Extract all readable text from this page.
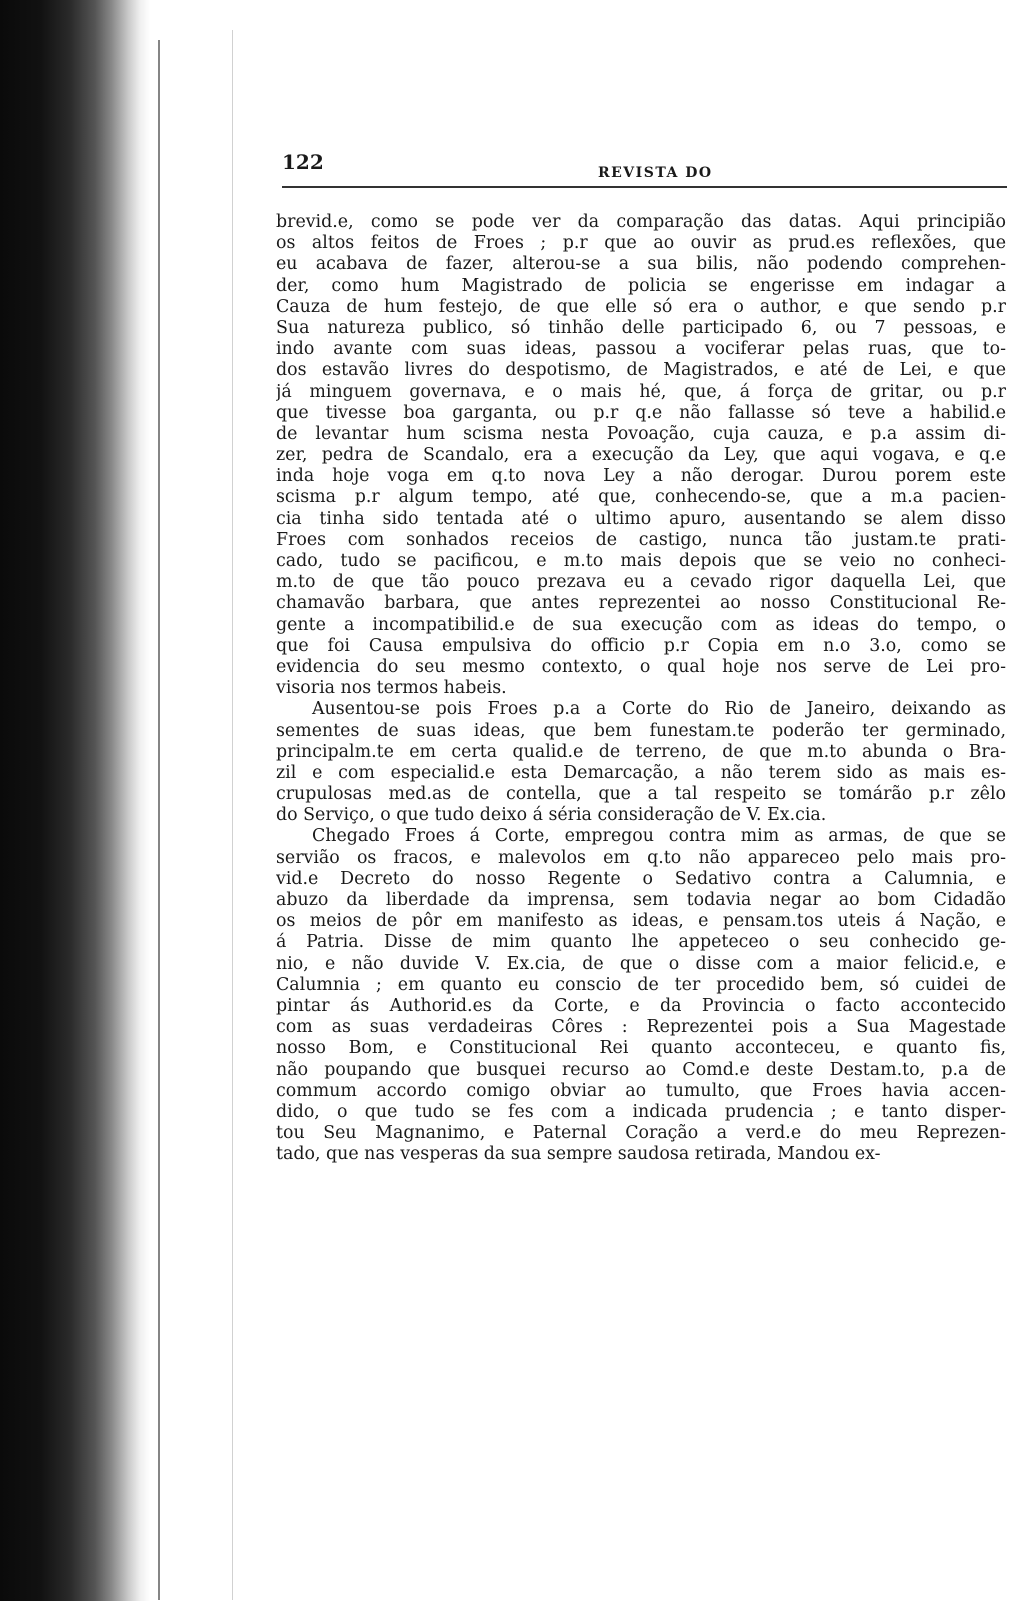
122	REVISTA DO
brevid.e, como se pode ver da comparação das datas. Aqui principião
os altos feitos de Froes ; p.r que ao ouvir as prud.es reflexões, que
eu acabava de fazer, alterou-se a sua bilis, não podendo comprehen-
der, como hum Magistrado de policia se engerisse em indagar a
Cauza de hum festejo, de que elle só era o author, e que sendo p.r
Sua natureza publico, só tinhão delle participado 6, ou 7 pessoas, e
indo avante com suas ideas, passou a vociferar pelas ruas, que to-
dos estavão livres do despotismo, de Magistrados, e até de Lei, e que
já minguem governava, e o mais hé, que, á força de gritar, ou p.r
que tivesse boa garganta, ou p.r q.e não fallasse só teve a habilid.e
de levantar hum scisma nesta Povoação, cuja cauza, e p.a assim di-
zer, pedra de Scandalo, era a execução da Ley, que aqui vogava, e q.e
inda hoje voga em q.to nova Ley a não derogar. Durou porem este
scisma p.r algum tempo, até que, conhecendo-se, que a m.a pacien-
cia tinha sido tentada até o ultimo apuro, ausentando se alem disso
Froes com sonhados receios de castigo, nunca tão justam.te prati-
cado, tudo se pacificou, e m.to mais depois que se veio no conheci-
m.to de que tão pouco prezava eu a cevado rigor daquella Lei, que
chamavão barbara, que antes reprezentei ao nosso Constitucional Re-
gente a incompatibilid.e de sua execução com as ideas do tempo, o
que foi Causa empulsiva do officio p.r Copia em n.o 3.o, como se
evidencia do seu mesmo contexto, o qual hoje nos serve de Lei pro-
visoria nos termos habeis.
Ausentou-se pois Froes p.a a Corte do Rio de Janeiro, deixando as
sementes de suas ideas, que bem funestam.te poderão ter germinado,
principalm.te em certa qualid.e de terreno, de que m.to abunda o Bra-
zil e com especialid.e esta Demarcação, a não terem sido as mais es-
crupulosas med.as de contella, que a tal respeito se tomárão p.r zêlo
do Serviço, o que tudo deixo á séria consideração de V. Ex.cia.
Chegado Froes á Corte, empregou contra mim as armas, de que se
servião os fracos, e malevolos em q.to não appareceo pelo mais pro-
vid.e Decreto do nosso Regente o Sedativo contra a Calumnia, e
abuzo da liberdade da imprensa, sem todavia negar ao bom Cidadão
os meios de pôr em manifesto as ideas, e pensam.tos uteis á Nação, e
á Patria. Disse de mim quanto lhe appeteceo o seu conhecido ge-
nio, e não duvide V. Ex.cia, de que o disse com a maior felicid.e, e
Calumnia ; em quanto eu conscio de ter procedido bem, só cuidei de
pintar ás Authorid.es da Corte, e da Provincia o facto accontecido
com as suas verdadeiras Côres : Reprezentei pois a Sua Magestade
nosso Bom, e Constitucional Rei quanto acconteceu, e quanto fis,
não poupando que busquei recurso ao Comd.e deste Destam.to, p.a de
commum accordo comigo obviar ao tumulto, que Froes havia accen-
dido, o que tudo se fes com a indicada prudencia ; e tanto disper-
tou Seu Magnanimo, e Paternal Coração a verd.e do meu Reprezen-
tado, que nas vesperas da sua sempre saudosa retirada, Mandou ex-
